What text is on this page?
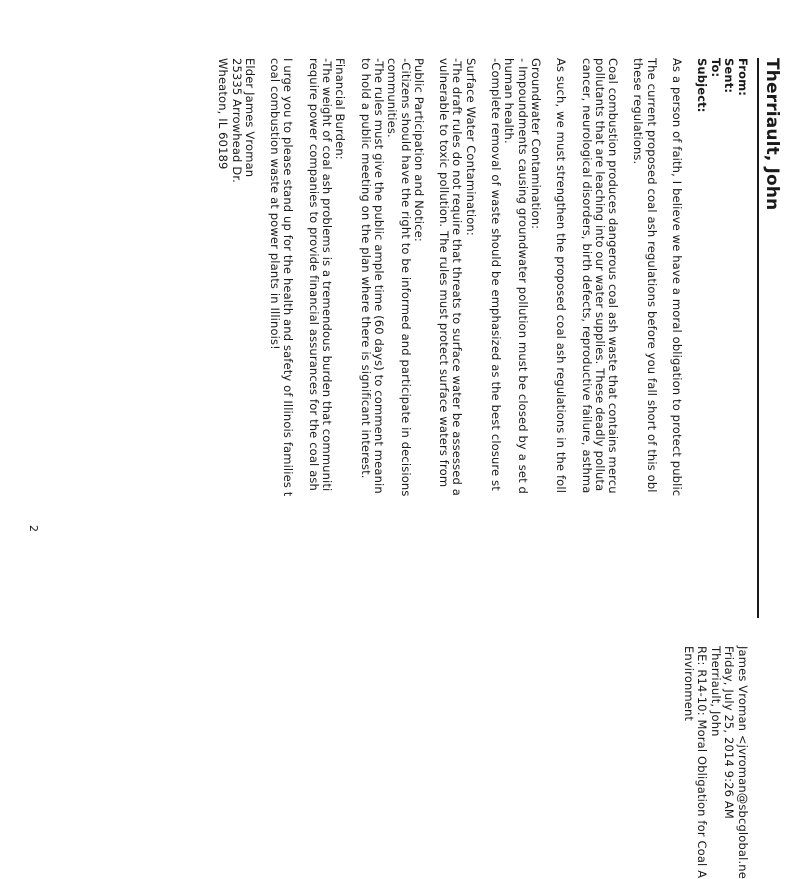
Therriault, John
From:
James Vroman <jvroman@sbcglobal.ne
Sent:
Friday, July 25, 2014 9:26 AM
To:
Therriault, John
Subject:
RE: R14-10: Moral Obligation for Coal A
Environment
As a person of faith, I believe we have a moral obligation to protect public
The current proposed coal ash regulations before you fall short of this obl
these regulations.
Coal combustion produces dangerous coal ash waste that contains mercu
pollutants that are leaching into our water supplies. These deadly polluta
cancer, neurological disorders, birth defects, reproductive failure, asthma
As such, we must strengthen the proposed coal ash regulations in the foll
Groundwater Contamination:
- Impoundments causing groundwater pollution must be closed by a set d
human health.
-Complete removal of waste should be emphasized as the best closure st
Surface Water Contamination:
-The draft rules do not require that threats to surface water be assessed a
vulnerable to toxic pollution. The rules must protect surface waters from
Public Participation and Notice:
-Citizens should have the right to be informed and participate in decisions
communities.
-The rules must give the public ample time (60 days) to comment meanin
to hold a public meeting on the plan where there is significant interest.
Financial Burden:
-The weight of coal ash problems is a tremendous burden that communiti
require power companies to provide financial assurances for the coal ash
I urge you to please stand up for the health and safety of Illinois families t
coal combustion waste at power plants in Illinois!
Elder James Vroman
25335 Arrowhead Dr.
Wheaton, IL 60189
2
